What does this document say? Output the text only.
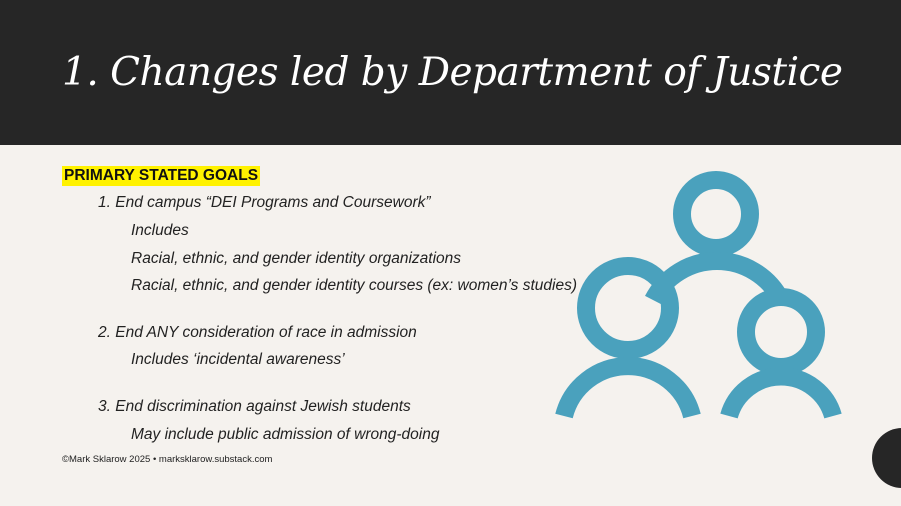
1. Changes led by Department of Justice
PRIMARY STATED GOALS
1. End campus “DEI Programs and Coursework”
Includes
Racial, ethnic, and gender identity organizations
Racial, ethnic, and gender identity courses (ex: women’s studies)
2. End ANY consideration of race in admission
Includes ‘incidental awareness’
3. End discrimination against Jewish students
May include public admission of wrong-doing
©Mark Sklarow 2025 • marksklarow.substack.com
